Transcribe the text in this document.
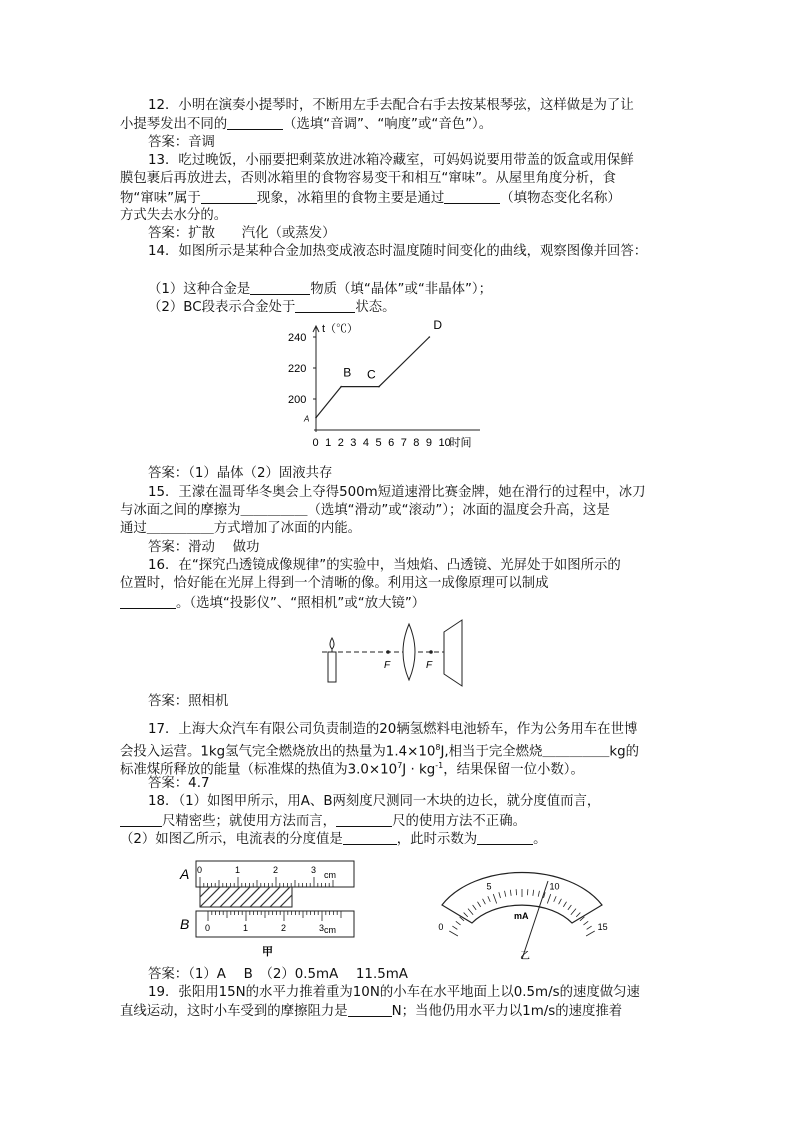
12．小明在演奏小提琴时，不断用左手去配合右手去按某根琴弦，这样做是为了让
小提琴发出不同的	（选填“音调”、“响度”或“音色”）。
答案：音调
13．吃过晚饭，小丽要把剩菜放进冰箱冷藏室，可妈妈说要用带盖的饭盒或用保鲜
膜包裹后再放进去，否则冰箱里的食物容易变干和相互“窜味”。从屋里角度分析，食
物“窜味”属于	现象，冰箱里的食物主要是通过	（填物态变化名称）
方式失去水分的。
答案：扩散　　汽化（或蒸发）
14．如图所示是某种合金加热变成液态时温度随时间变化的曲线，观察图像并回答：
（1）这种合金是	物质（填“晶体”或“非晶体”）；
（2）BC段表示合金处于	状态。
t（℃）
时间
0 1 2 3 4 5 6 7 8 9 10
200
220
240
A
B C
D
答案：（1）晶体（2）固液共存
15．王濛在温哥华冬奥会上夺得500m短道速滑比赛金牌，她在滑行的过程中，冰刀
与冰面之间的摩擦为＿＿＿＿＿（选填“滑动”或“滚动”）；冰面的温度会升高，这是
通过＿＿＿＿＿方式增加了冰面的内能。
答案：滑动　 做功
16．在“探究凸透镜成像规律”的实验中，当烛焰、凸透镜、光屏处于如图所示的
位置时，恰好能在光屏上得到一个清晰的像。利用这一成像原理可以制成
。（选填“投影仪”、“照相机”或“放大镜”）
F	F
答案：照相机
17．上海大众汽车有限公司负责制造的20辆氢燃料电池轿车，作为公务用车在世博
会投入运营。1kg氢气完全燃烧放出的热量为$1.4\times 10^8J$,相当于完全燃烧＿＿＿＿＿kg的
标准煤所释放的能量（标准煤的热值为$3.0\times 10^7J \cdot kg^{-1}$，结果保留一位小数）。
答案：4.7
18．（1）如图甲所示，用A、B两刻度尺测同一木块的边长，就分度值而言，
尺精密些；就使用方法而言，	尺的使用方法不正确。
（2）如图乙所示，电流表的分度值是	，此时示数为	。
A 0	1	2	3 cm
B 0	1	2	3 cm
甲
0
5	10
15
mA
乙
答案：（1）A　 B　（2）0.5mA　 11.5mA
19．张阳用15N的水平力推着重为10N的小车在水平地面上以0.5m/s的速度做匀速
直线运动，这时小车受到的摩擦阻力是	N；当他仍用水平力以1m/s的速度推着
